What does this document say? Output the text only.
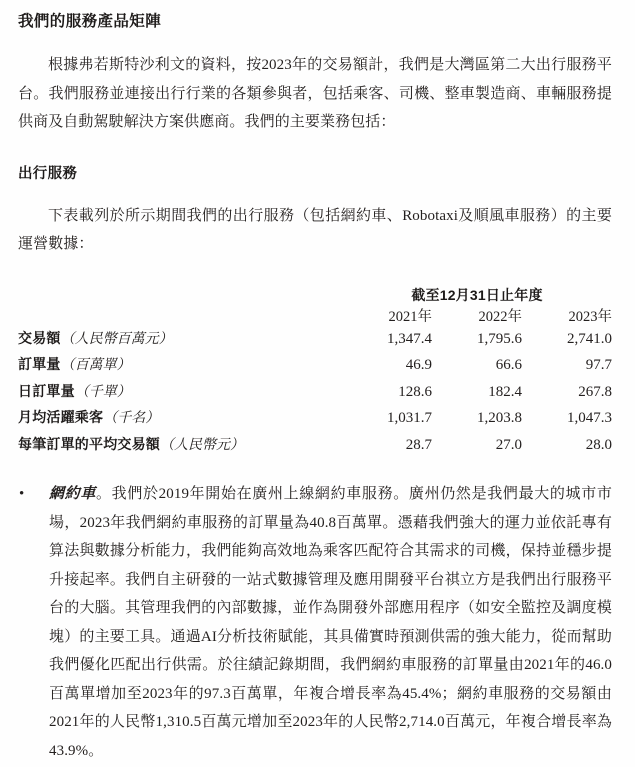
我們的服務產品矩陣

根據弗若斯特沙利文的資料，按2023年的交易額計，我們是大灣區第二大出行服務平台。我們服務並連接出行行業的各類參與者，包括乘客、司機、整車製造商、車輛服務提供商及自動駕駛解決方案供應商。我們的主要業務包括：

出行服務

下表載列於所示期間我們的出行服務（包括網約車、Robotaxi及順風車服務）的主要運營數據：

	截至12月31日止年度		
	2021年	2022年	2023年
交易額（人民幣百萬元）	1,347.4	1,795.6	2,741.0
訂單量（百萬單）	46.9	66.6	97.7
日訂單量（千單）	128.6	182.4	267.8
月均活躍乘客（千名）	1,031.7	1,203.8	1,047.3
每筆訂單的平均交易額（人民幣元）	28.7	27.0	28.0
•	網約車。我們於2019年開始在廣州上線網約車服務。廣州仍然是我們最大的城市市場，2023年我們網約車服務的訂單量為40.8百萬單。憑藉我們強大的運力並依託專有算法與數據分析能力，我們能夠高效地為乘客匹配符合其需求的司機，保持並穩步提升接起率。我們自主研發的一站式數據管理及應用開發平台祺立方是我們出行服務平台的大腦。其管理我們的內部數據，並作為開發外部應用程序（如安全監控及調度模塊）的主要工具。通過AI分析技術賦能，其具備實時預測供需的強大能力，從而幫助我們優化匹配出行供需。於往績記錄期間，我們網約車服務的訂單量由2021年的46.0百萬單增加至2023年的97.3百萬單，年複合增長率為45.4%；網約車服務的交易額由2021年的人民幣1,310.5百萬元增加至2023年的人民幣2,714.0百萬元，年複合增長率為43.9%。
